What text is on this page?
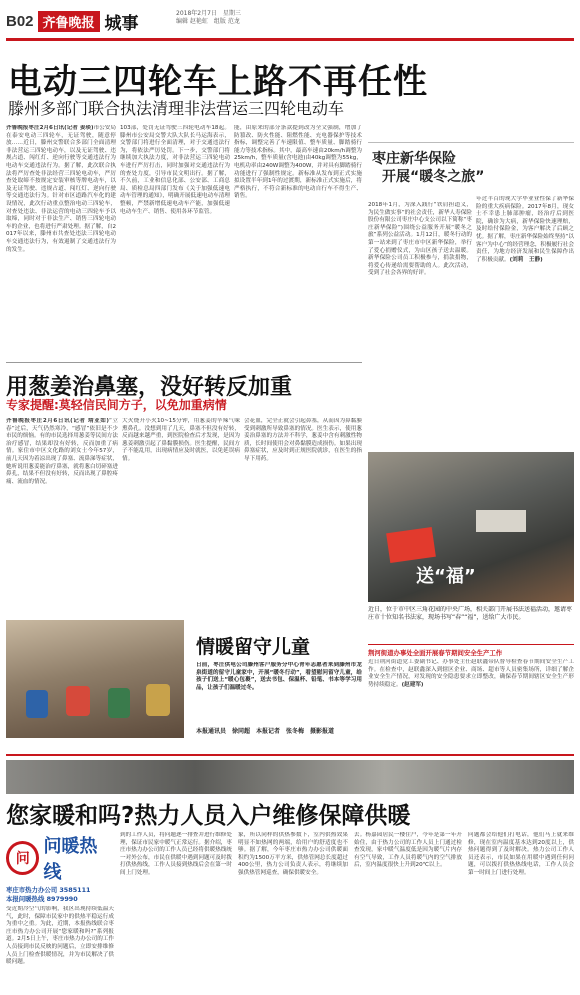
B02 齐鲁晚报 城事	2018年2月7日　星期三
编辑 赵艳虹　组版 范龙
电动三四轮车上路不再任性
滕州多部门联合执法清理非法营运三四轮电动车
齐鲁晚报枣庄2月6日讯(记者 姜琰)市公安局在泰安电动三四轮车，无证驾驶，随意停放……近日，滕州交警联合多部门全面清理非法营运三四轮电动车，以及无证驾驶、违规占道、闯红灯、逆向行驶等交通违法行为电动车交通违法行为。据了解，此次联合执法将严厉查处非法经营三四轮电动车，严厉查处取缔不按规定安装审核等牌电动车，以及无证驾驶、违规占道、闯红灯、逆向行驶等交通违法行为。针对市区道路汽车化的建设情况，此次行动重点整治电动三四轮车，对查处违法、非法运营的电动三四轮车予以取缔，同时对于非法生产、销售三四轮电动车的企业，也将进行严肃处理。据了解，自2017年以来，滕州市共查处违法三四轮电动车交通违法行为，有效遏制了交通违法行为的发生。
103部，处罚无证驾驶三四轮电动车18起。滕州市公安局交警大队大队长马运海表示，交警部门将进行全面清理，对于交通违法行为，将依法严厉处罚。下一步，交警部门将继续加大执法力度，对非法营运三四轮电动车进行严厉打击，同时加强对交通违法行为的查处力度，引导市民文明出行。据了解，不久前，工业和信息化部、公安部、工商总局、质检总局四部门发布《关于加强低速电动车管理的通知》，明确开展低速电动车清理整顿，严禁新增低速电动车产能，加强低速电动车生产、销售、使用各环节监管。
能，由原来的部分条款提到改为全文强制，增加了防篡改、防火性能、阻燃性能、充电器保护等技术指标，调整完善了车速限值、整车质量、脚踏骑行能力等技术指标。其中，最高车速由20km/h调整为25km/h，整车质量(含电池)由40kg调整为55kg，电机功率由240W调整为400W，并对具有脚踏骑行功能进行了强制性规定。新标准从发布到正式实施拟设置半年到1年的过渡期，新标准正式实施后，将严格执行，不符合新标准的电动自行车不得生产、销售。
枣庄新华保险
开展“暖冬之旅”
2018年1月，为深入践行“铁肩担道义，为民生做实事”的社会责任，新华人寿保险股份有限公司枣庄中心支公司以下简称“枣庄新华保险”)围绕公益服务开展“暖冬之旅”系列公益活动。1月12日，暖冬行动的第一站来到了枣庄市中区新华保险，举行了爱心捐赠仪式，为山区孩子送去温暖。新华保险公司员工积极参与，捐款捐物，将爱心传递给需要帮助的人。此次活动，受到了社会各界的好评。
年过半百的现大学毕业业性保了新华保险的重大疾病保险。2017年8月，现女士不幸患上肺部肿瘤，经治疗后到医院，确诊为大病，新华保险快速理赔，及时给付保险金，为客户解决了后顾之忧。据了解，枣庄新华保险始终坚持“以客户为中心”的经营理念，积极履行社会责任，为地方经济发展和民生保障作出了积极贡献。(刘莉　王静)
用葱姜治鼻塞，没好转反加重
专家提醒:莫轻信民间方子，以免加重病情
齐鲁晚报枣庄2月6日讯(记者 靖亚如)“立春”过后，天气仍然寒冷，“感冒”依旧是不少市民的烦恼。有的市民选择用葱姜等民间方法治疗感冒，结果却没有好转，反而加重了病情。家住市中区文化路的刘女士今年57岁，前几天因为着凉出现了鼻塞、流鼻涕等症状，她听说用葱姜能治疗鼻塞，就将葱白切碎塞进鼻孔，结果不但没有好转，反而出现了鼻腔疼痛、流血的情况。
大火烧开小火10~15分钟，用葱姜的辛辣气味熏鼻孔。没想到用了几天，鼻塞不但没有好转，反而越来越严重，到医院检查后才发现，是因为葱姜刺激引起了鼻黏膜损伤。医生提醒，民间方子不能乱用，出现病情应及时就医，以免延误病情。
会花血，完全正就会引起鼻塞，从而因为鼻黏膜受到刺激所导致鼻塞的情况。医生表示，使用葱姜治鼻塞的方法并不科学，葱姜中含有刺激性物质，长时间使用会对鼻黏膜造成损伤。如果出现鼻塞症状，应及时到正规医院就诊，在医生的指导下用药。
送“福”
近日，位于市中区三角花园的中央广场，相关部门开展书法送福活动，邀请枣庄市十位知名书法家，现场书写“春”“福”，送给广大市民。
荆河街道办事处全面开展春节期间安全生产工作
近日荆河街道党工委副书记、办事处主任赵联鑫带队督导检查春节期间安全生产工作。在检查中，赵联鑫深入到辖区企业、商场、超市等人员密集场所，详细了解企业安全生产情况，对发现的安全隐患要求立即整改，确保春节期间辖区安全生产形势持续稳定。(赵建军)
情暖留守儿童
日前，枣庄供电公司滕州客户服务分中心青年志愿者来到滕州市龙泉街道的留守儿童家中，开展“暖冬行动”，看望慰问留守儿童，给孩子们送上“暖心包裹”，送去书包、保温杯、铅笔、书本等学习用品，让孩子们温暖过冬。
本报通讯员　徐同超　本报记者　张冬梅　摄影报道
您家暖和吗?热力人员入户维修保障供暖
问
问暖热线
枣庄市热力办公司 3585111
本报问暖热线 8979990
受近期冷空气的影响，我区出现持续低温天气，此时，保障市民家中的供热平稳运行成为重中之重。为此，近期，本报热线联合枣庄市热力办公司开展“您家暖和吗?”系列报道。2月5日上午，枣庄市热力办公司的工作人员接到市民反映的问题后，立即安排维修人员上门检查供暖情况，并为市民解决了供暖问题。
到的工作人员，将问题逐一排查并进行维修处理，保证市民家中暖气正常运行。据介绍，枣庄市热力办公司的工作人员已经将供暖热线统一对外公布，市民在供暖中遇到问题可及时拨打供热热线，工作人员接到热线后会在第一时间上门处理。
象，所以同样的供热参数下，室内供热效果明显不如热网的两端，给用户的舒适度也不够。据了解，今年枣庄市热力办公司供暖面积约为1500万平方米，供热管网总长度超过400公里，热力公司负责人表示，将继续加强供热管网巡查，确保供暖安全。
去。杨嘉园居民一楼住户，今年是第一年开始住，由于热力公司的工作人员上门通过检查发现，家中暖气温度低是因为暖气片内存有空气导致，工作人员将暖气内的空气排放后，室内温度很快上升到20℃以上。
问题都会给他们打电话，他们马上就来维修，现在室内温度基本达到20度以上，供热问题得到了及时解决。热力公司工作人员还表示，市民如果在用暖中遇到任何问题，可以拨打供热热线电话，工作人员会第一时间上门进行处理。
